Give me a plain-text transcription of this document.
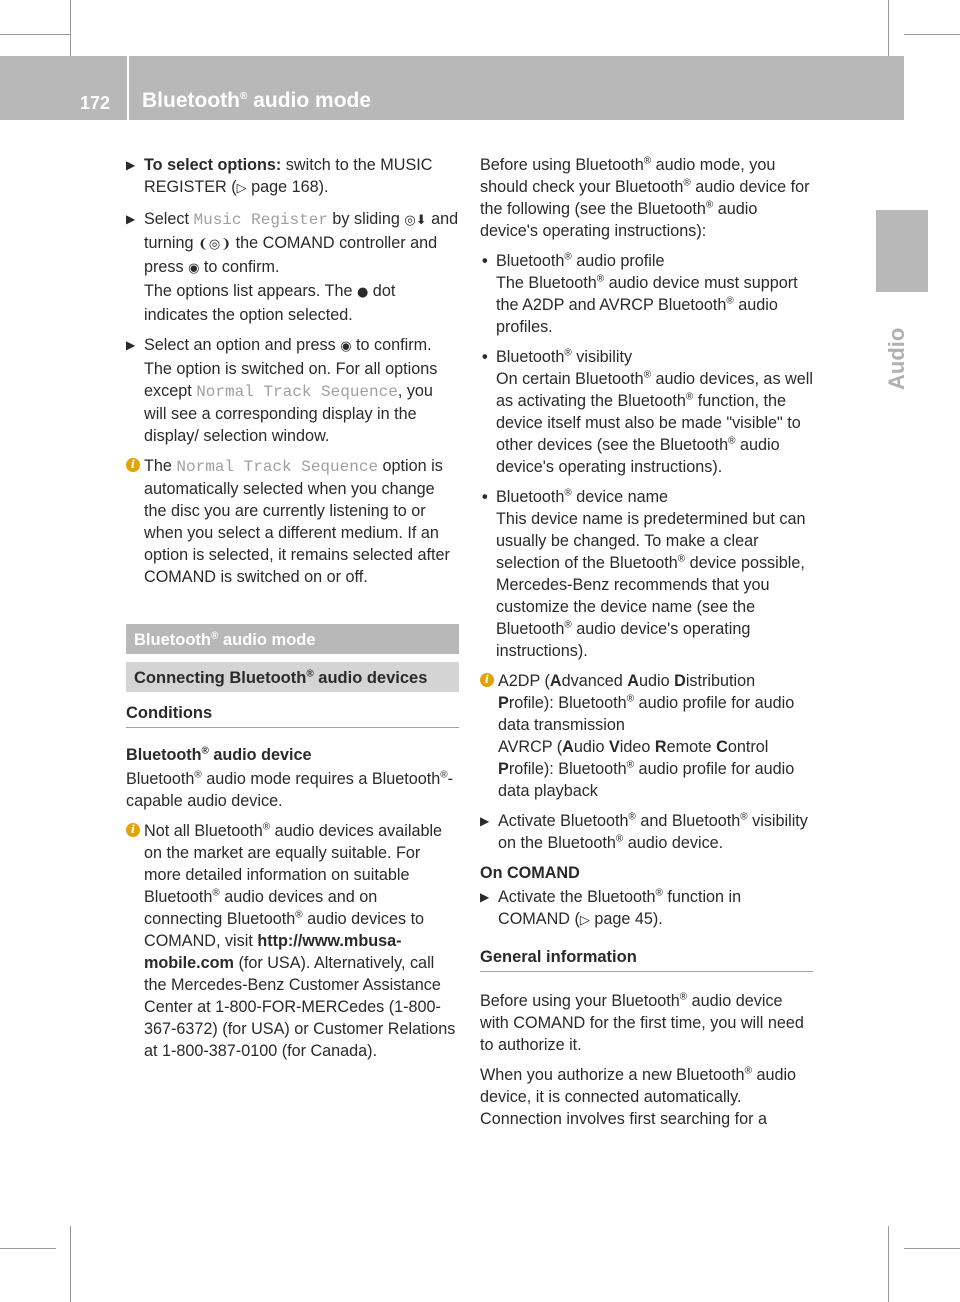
172	Bluetooth® audio mode
Audio
▶ To select options: switch to the MUSIC REGISTER (▷ page 168).
▶ Select Music Register by sliding ◎⬇ and turning ❨◎❩ the COMAND controller and press ◉ to confirm.
The options list appears. The ● dot indicates the option selected.
▶ Select an option and press ◉ to confirm.
The option is switched on. For all options except Normal Track Sequence, you will see a corresponding display in the display/ selection window.
i The Normal Track Sequence option is automatically selected when you change the disc you are currently listening to or when you select a different medium. If an option is selected, it remains selected after COMAND is switched on or off.
Bluetooth® audio mode
Connecting Bluetooth® audio devices
Conditions
Bluetooth® audio device

Bluetooth® audio mode requires a Bluetooth®-capable audio device.

i Not all Bluetooth® audio devices available on the market are equally suitable. For more detailed information on suitable Bluetooth® audio devices and on connecting Bluetooth® audio devices to COMAND, visit http://www.mbusa-mobile.com (for USA). Alternatively, call the Mercedes-Benz Customer Assistance Center at 1-800-FOR-MERCedes (1-800-367-6372) (for USA) or Customer Relations at 1-800-387-0100 (for Canada).

Before using Bluetooth® audio mode, you should check your Bluetooth® audio device for the following (see the Bluetooth® audio device's operating instructions):

• Bluetooth® audio profile
The Bluetooth® audio device must support the A2DP and AVRCP Bluetooth® audio profiles.
• Bluetooth® visibility
On certain Bluetooth® audio devices, as well as activating the Bluetooth® function, the device itself must also be made "visible" to other devices (see the Bluetooth® audio device's operating instructions).
• Bluetooth® device name
This device name is predetermined but can usually be changed. To make a clear selection of the Bluetooth® device possible, Mercedes-Benz recommends that you customize the device name (see the Bluetooth® audio device's operating instructions).
i A2DP (Advanced Audio Distribution Profile): Bluetooth® audio profile for audio data transmission
AVRCP (Audio Video Remote Control Profile): Bluetooth® audio profile for audio data playback
▶ Activate Bluetooth® and Bluetooth® visibility on the Bluetooth® audio device.
On COMAND
▶ Activate the Bluetooth® function in COMAND (▷ page 45).
General information

Before using your Bluetooth® audio device with COMAND for the first time, you will need to authorize it.

When you authorize a new Bluetooth® audio device, it is connected automatically.
Connection involves first searching for a
